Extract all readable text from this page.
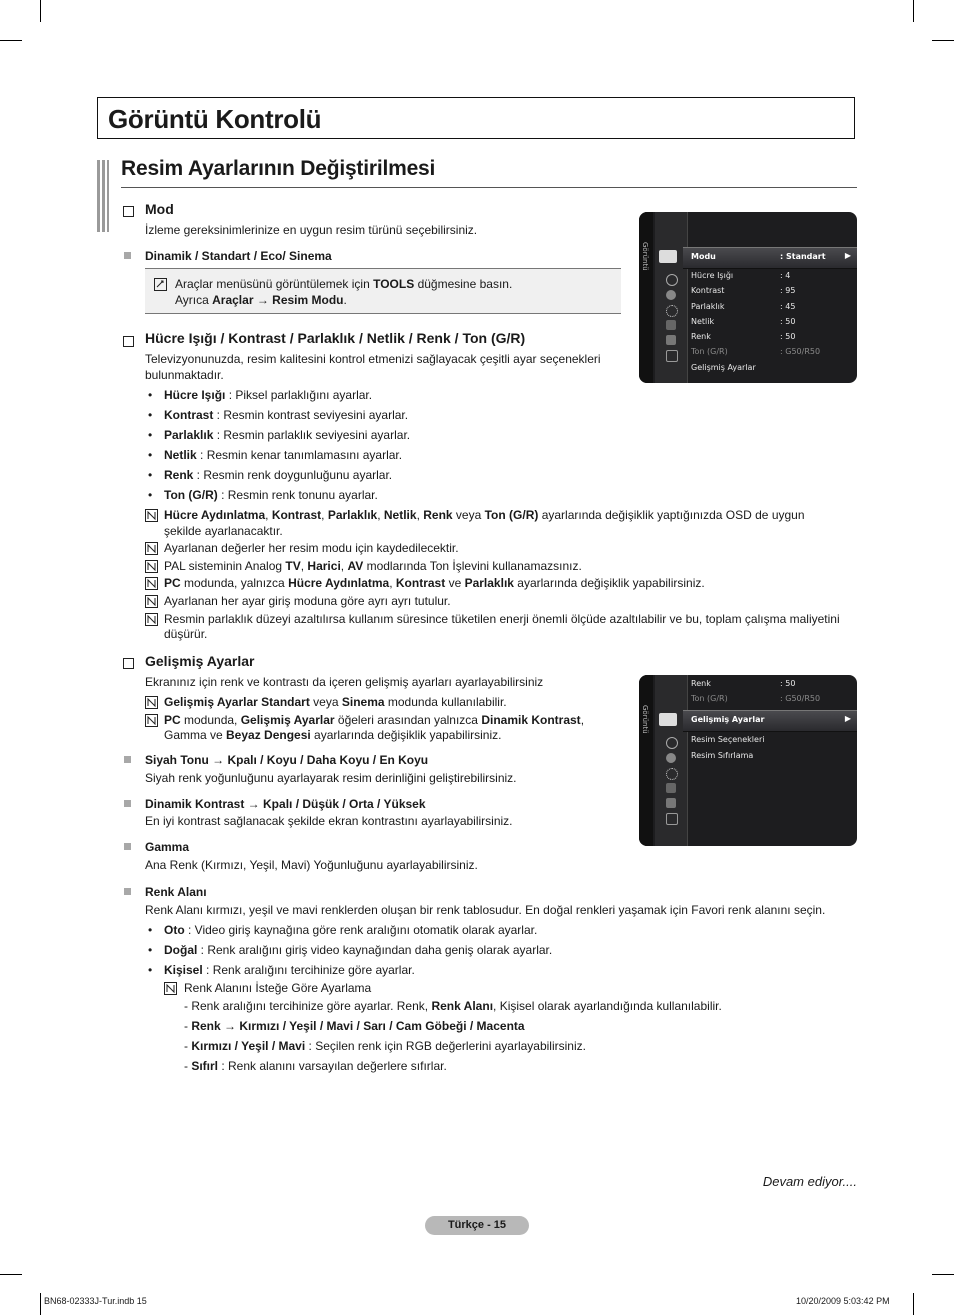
Görüntü Kontrolü
Resim Ayarlarının Değiştirilmesi
Mod
İzleme gereksinimlerinize en uygun resim türünü seçebilirsiniz.
Dinamik / Standart / Eco/ Sinema
Araçlar menüsünü görüntülemek için TOOLS düğmesine basın.
Ayrıca Araçlar → Resim Modu.
Görüntü	Modu	: Standart ▶
Hücre Işığı	: 4
Kontrast	: 95
Parlaklık	: 45
Netlik	: 50
Renk	: 50
Ton (G/R)	: G50/R50
Gelişmiş Ayarlar
Hücre Işığı / Kontrast / Parlaklık / Netlik / Renk / Ton (G/R)
Televizyonunuzda, resim kalitesini kontrol etmenizi sağlayacak çeşitli ayar seçenekleri
bulunmaktadır.
• Hücre Işığı : Piksel parlaklığını ayarlar.
• Kontrast : Resmin kontrast seviyesini ayarlar.
• Parlaklık : Resmin parlaklık seviyesini ayarlar.
• Netlik : Resmin kenar tanımlamasını ayarlar.
• Renk : Resmin renk doygunluğunu ayarlar.
• Ton (G/R) : Resmin renk tonunu ayarlar.
Hücre Aydınlatma, Kontrast, Parlaklık, Netlik, Renk veya Ton (G/R) ayarlarında değişiklik yaptığınızda OSD de uygun
şekilde ayarlanacaktır.
Ayarlanan değerler her resim modu için kaydedilecektir.
PAL sisteminin Analog TV, Harici, AV modlarında Ton İşlevini kullanamazsınız.
PC modunda, yalnızca Hücre Aydınlatma, Kontrast ve Parlaklık ayarlarında değişiklik yapabilirsiniz.
Ayarlanan her ayar giriş moduna göre ayrı ayrı tutulur.
Resmin parlaklık düzeyi azaltılırsa kullanım süresince tüketilen enerji önemli ölçüde azaltılabilir ve bu, toplam çalışma maliyetini
düşürür.
Gelişmiş Ayarlar
Ekranınız için renk ve kontrastı da içeren gelişmiş ayarları ayarlayabilirsiniz
Gelişmiş Ayarlar Standart veya Sinema modunda kullanılabilir.
PC modunda, Gelişmiş Ayarlar öğeleri arasından yalnızca Dinamik Kontrast,
Gamma ve Beyaz Dengesi ayarlarında değişiklik yapabilirsiniz.
Görüntü
Renk	: 50
Ton (G/R)	: G50/R50
Gelişmiş Ayarlar	▶
Resim Seçenekleri
Resim Sıfırlama
Siyah Tonu → Kpalı / Koyu / Daha Koyu / En Koyu
Siyah renk yoğunluğunu ayarlayarak resim derinliğini geliştirebilirsiniz.
Dinamik Kontrast → Kpalı / Düşük / Orta / Yüksek
En iyi kontrast sağlanacak şekilde ekran kontrastını ayarlayabilirsiniz.
Gamma
Ana Renk (Kırmızı, Yeşil, Mavi) Yoğunluğunu ayarlayabilirsiniz.
Renk Alanı
Renk Alanı kırmızı, yeşil ve mavi renklerden oluşan bir renk tablosudur. En doğal renkleri yaşamak için Favori renk alanını seçin.
• Oto : Video giriş kaynağına göre renk aralığını otomatik olarak ayarlar.
• Doğal : Renk aralığını giriş video kaynağından daha geniş olarak ayarlar.
• Kişisel : Renk aralığını tercihinize göre ayarlar.
Renk Alanını İsteğe Göre Ayarlama
- Renk aralığını tercihinize göre ayarlar. Renk, Renk Alanı, Kişisel olarak ayarlandığında kullanılabilir.
- Renk → Kırmızı / Yeşil / Mavi / Sarı / Cam Göbeği / Macenta
- Kırmızı / Yeşil / Mavi : Seçilen renk için RGB değerlerini ayarlayabilirsiniz.
- Sıfırl : Renk alanını varsayılan değerlere sıfırlar.
Devam ediyor....
Türkçe - 15
BN68-02333J-Tur.indb 15	10/20/2009 5:03:42 PM
